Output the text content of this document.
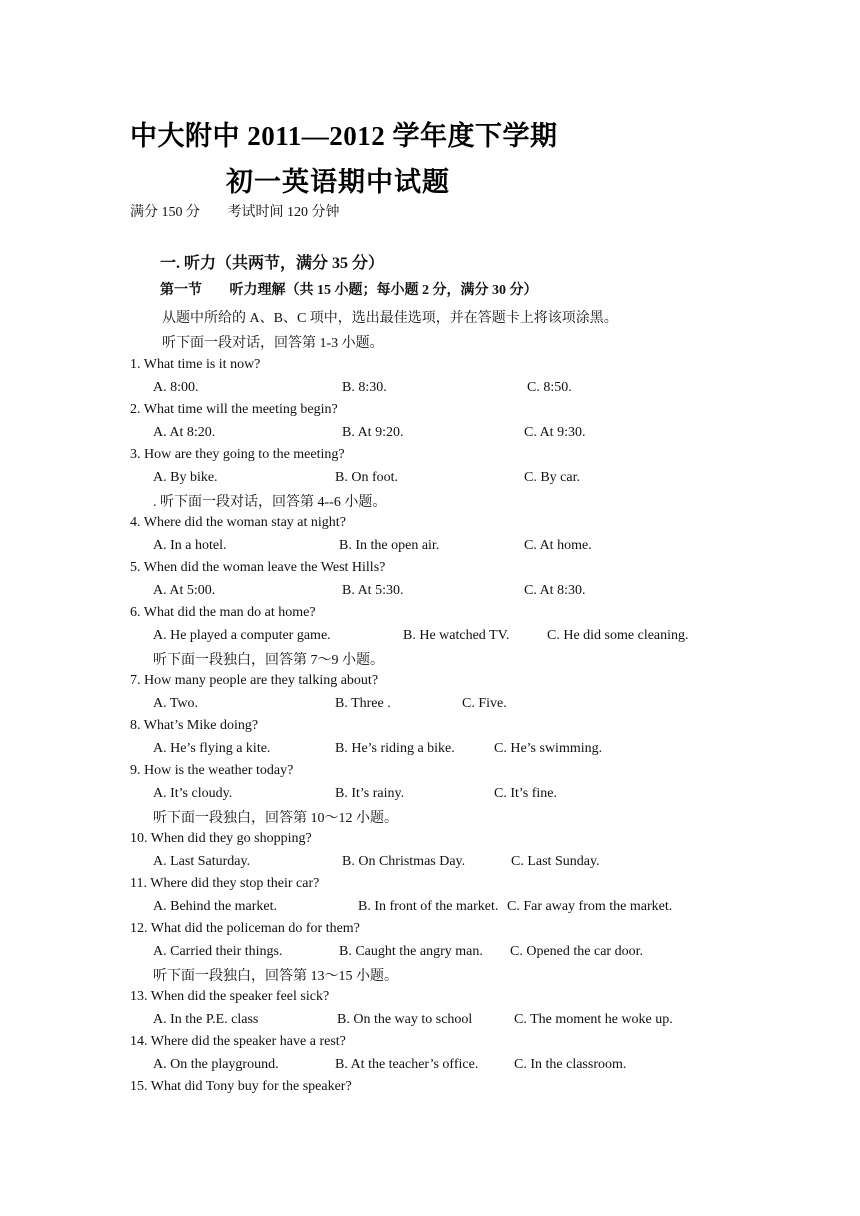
中大附中 2011—2012 学年度下学期
初一英语期中试题
满分 150 分 考试时间 120 分钟
一. 听力（共两节，满分 35 分）
第一节 听力理解（共 15 小题；每小题 2 分，满分 30 分）
从题中所给的 A、B、C 项中，选出最佳选项，并在答题卡上将该项涂黑。
听下面一段对话，回答第 1-3 小题。
1. What time is it now?
A. 8:00.	B. 8:30.	C. 8:50.
2. What time will the meeting begin?
A. At 8:20.	B. At 9:20.	C. At 9:30.
3. How are they going to the meeting?
A. By bike.	B. On foot.	C. By car.
. 听下面一段对话，回答第 4--6 小题。
4. Where did the woman stay at night?
A. In a hotel.	B. In the open air.	C. At home.
5. When did the woman leave the West Hills?
A. At 5:00.	B. At 5:30.	C. At 8:30.
6. What did the man do at home?
A. He played a computer game.	B. He watched TV.	C. He did some cleaning.
听下面一段独白，回答第 7～9 小题。
7. How many people are they talking about?
A. Two.	B. Three .	C. Five.
8. What’s Mike doing?
A. He’s flying a kite.	B. He’s riding a bike.	C. He’s swimming.
9. How is the weather today?
A. It’s cloudy.	B. It’s rainy.	C. It’s fine.
听下面一段独白，回答第 10～12 小题。
10. When did they go shopping?
A. Last Saturday.	B. On Christmas Day.	C. Last Sunday.
11. Where did they stop their car?
A. Behind the market.	B. In front of the market. C. Far away from the market.
12. What did the policeman do for them?
A. Carried their things.	B. Caught the angry man. C. Opened the car door.
听下面一段独白，回答第 13～15 小题。
13. When did the speaker feel sick?
A. In the P.E. class	B. On the way to school	C. The moment he woke up.
14. Where did the speaker have a rest?
A. On the playground.	B. At the teacher’s office.	C. In the classroom.
15. What did Tony buy for the speaker?
